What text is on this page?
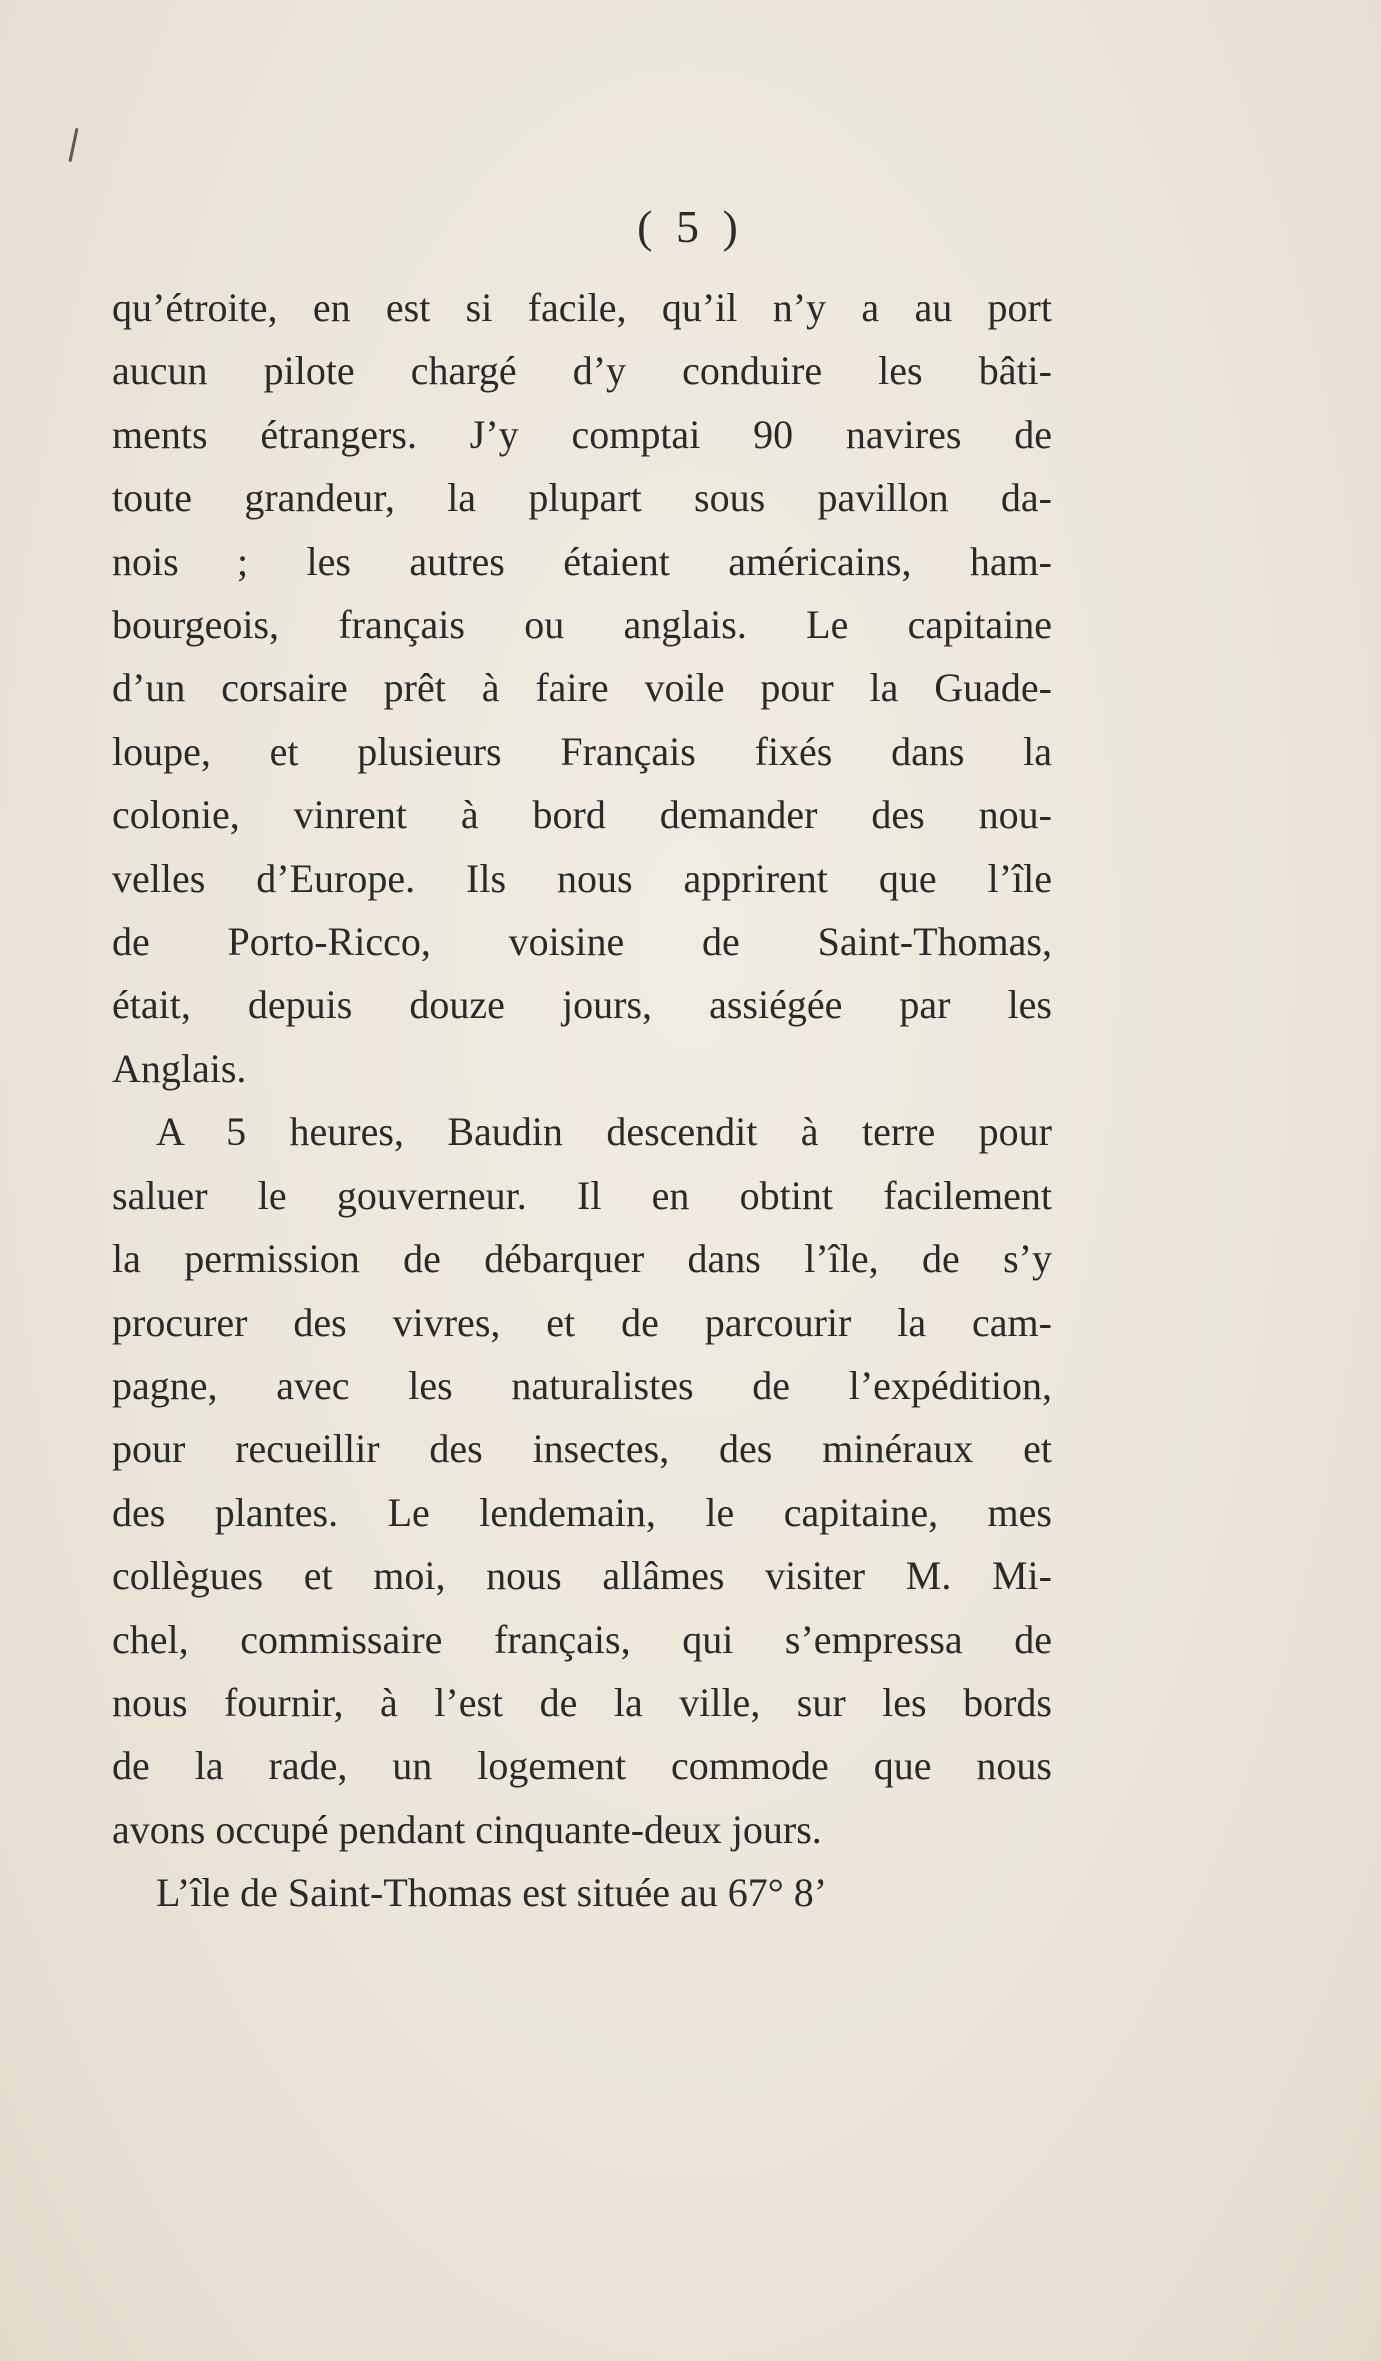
( 5 )
qu’étroite, en est si facile, qu’il n’y a au port
aucun pilote chargé d’y conduire les bâti-
ments étrangers. J’y comptai 90 navires de
toute grandeur, la plupart sous pavillon da-
nois ; les autres étaient américains, ham-
bourgeois, français ou anglais. Le capitaine
d’un corsaire prêt à faire voile pour la Guade-
loupe, et plusieurs Français fixés dans la
colonie, vinrent à bord demander des nou-
velles d’Europe. Ils nous apprirent que l’île
de Porto-Ricco, voisine de Saint-Thomas,
était, depuis douze jours, assiégée par les
Anglais.
A 5 heures, Baudin descendit à terre pour
saluer le gouverneur. Il en obtint facilement
la permission de débarquer dans l’île, de s’y
procurer des vivres, et de parcourir la cam-
pagne, avec les naturalistes de l’expédition,
pour recueillir des insectes, des minéraux et
des plantes. Le lendemain, le capitaine, mes
collègues et moi, nous allâmes visiter M. Mi-
chel, commissaire français, qui s’empressa de
nous fournir, à l’est de la ville, sur les bords
de la rade, un logement commode que nous
avons occupé pendant cinquante-deux jours.
L’île de Saint-Thomas est située au 67° 8’
